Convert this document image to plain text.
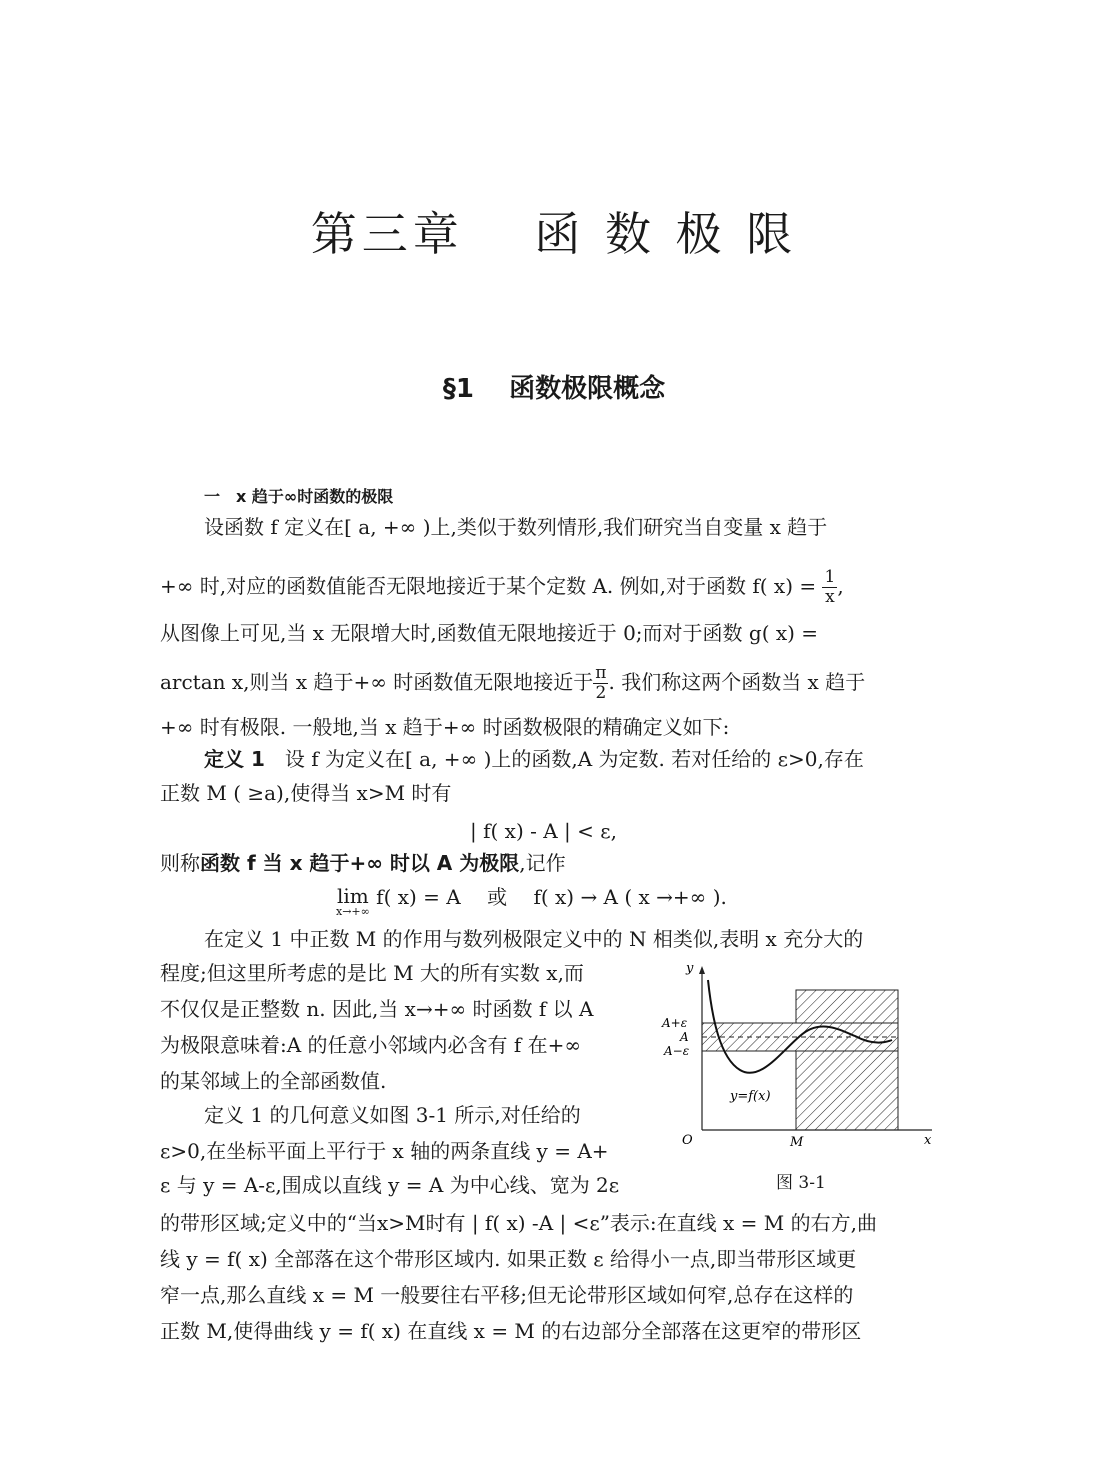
第三章　 函 数 极 限
§1　 函数极限概念
一　x 趋于∞时函数的极限
设函数 f 定义在[ a, +∞ )上,类似于数列情形,我们研究当自变量 x 趋于
+∞ 时,对应的函数值能否无限地接近于某个定数 A. 例如,对于函数 f( $x) = \frac{1}{x}$ ,
从图像上可见,当 x 无限增大时,函数值无限地接近于 0;而对于函数 g( x) =
arctan x,则当 x 趋于+∞ 时函数值无限地接近于 $\frac{\pi}{2}$ . 我们称这两个函数当 x 趋于
+∞ 时有极限. 一般地,当 x 趋于+∞ 时函数极限的精确定义如下:
定义 1　设 f 为定义在[ a, +∞ )上的函数,A 为定数. 若对任给的 ε>0,存在
正数 M ( ≥a),使得当 x>M 时有
| f( x) - A | < ε,
则称函数 f 当 x 趋于+∞ 时以 A 为极限,记作
lim
x→+∞
f( x) = A　 或　 f( x) → A ( x →+∞ ).
在定义 1 中正数 M 的作用与数列极限定义中的 N 相类似,表明 x 充分大的
程度;但这里所考虑的是比 M 大的所有实数 x,而
不仅仅是正整数 n. 因此,当 x→+∞ 时函数 f 以 A
为极限意味着:A 的任意小邻域内必含有 f 在+∞
的某邻域上的全部函数值.
定义 1 的几何意义如图 3-1 所示,对任给的
ε>0,在坐标平面上平行于 x 轴的两条直线 y = A+
ε 与 y = A-ε,围成以直线 y = A 为中心线、宽为 2ε
的带形区域;定义中的“当x>M时有 | f( x) -A | <ε”表示:在直线 x = M 的右方,曲
线 y = f( x) 全部落在这个带形区域内. 如果正数 ε 给得小一点,即当带形区域更
窄一点,那么直线 x = M 一般要往右平移;但无论带形区域如何窄,总存在这样的
正数 M,使得曲线 y = f( x) 在直线 x = M 的右边部分全部落在这更窄的带形区
y
x
O	M
A+ε
A
A−ε
y=f(x)
图 3-1
